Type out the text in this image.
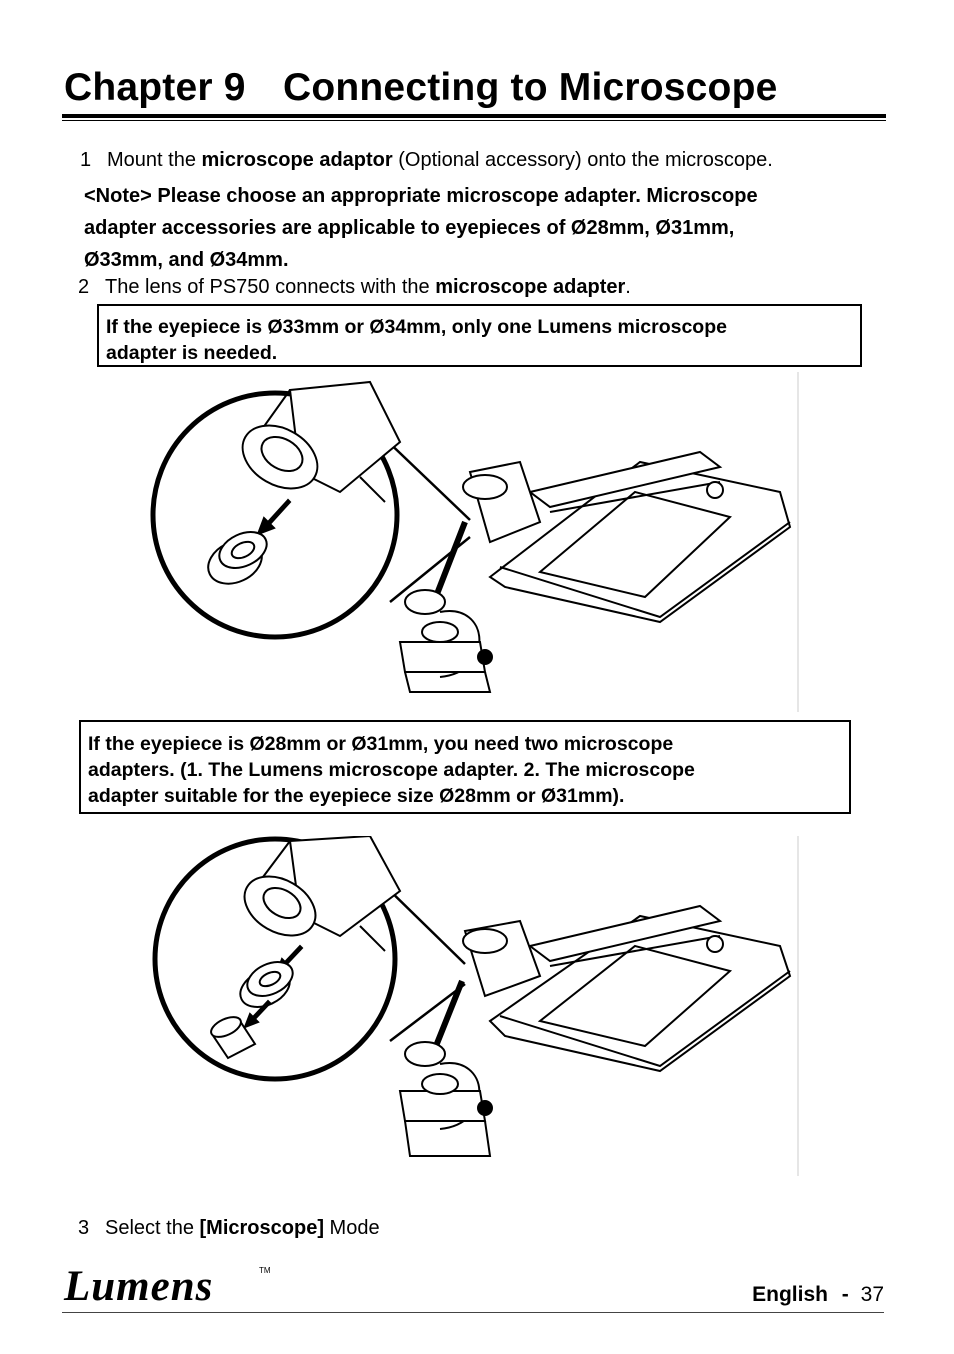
Chapter 9 Connecting to Microscope
1 Mount the microscope adaptor (Optional accessory) onto the microscope.
<Note> Please choose an appropriate microscope adapter. Microscope
adapter accessories are applicable to eyepieces of Ø28mm, Ø31mm,
Ø33mm, and Ø34mm.
2 The lens of PS750 connects with the microscope adapter.
If the eyepiece is Ø33mm or Ø34mm, only one Lumens microscope
adapter is needed.
If the eyepiece is Ø28mm or Ø31mm, you need two microscope
adapters. (1. The Lumens microscope adapter. 2. The microscope
adapter suitable for the eyepiece size Ø28mm or Ø31mm).
3 Select the [Microscope] Mode
Lumens	TM
English - 37
